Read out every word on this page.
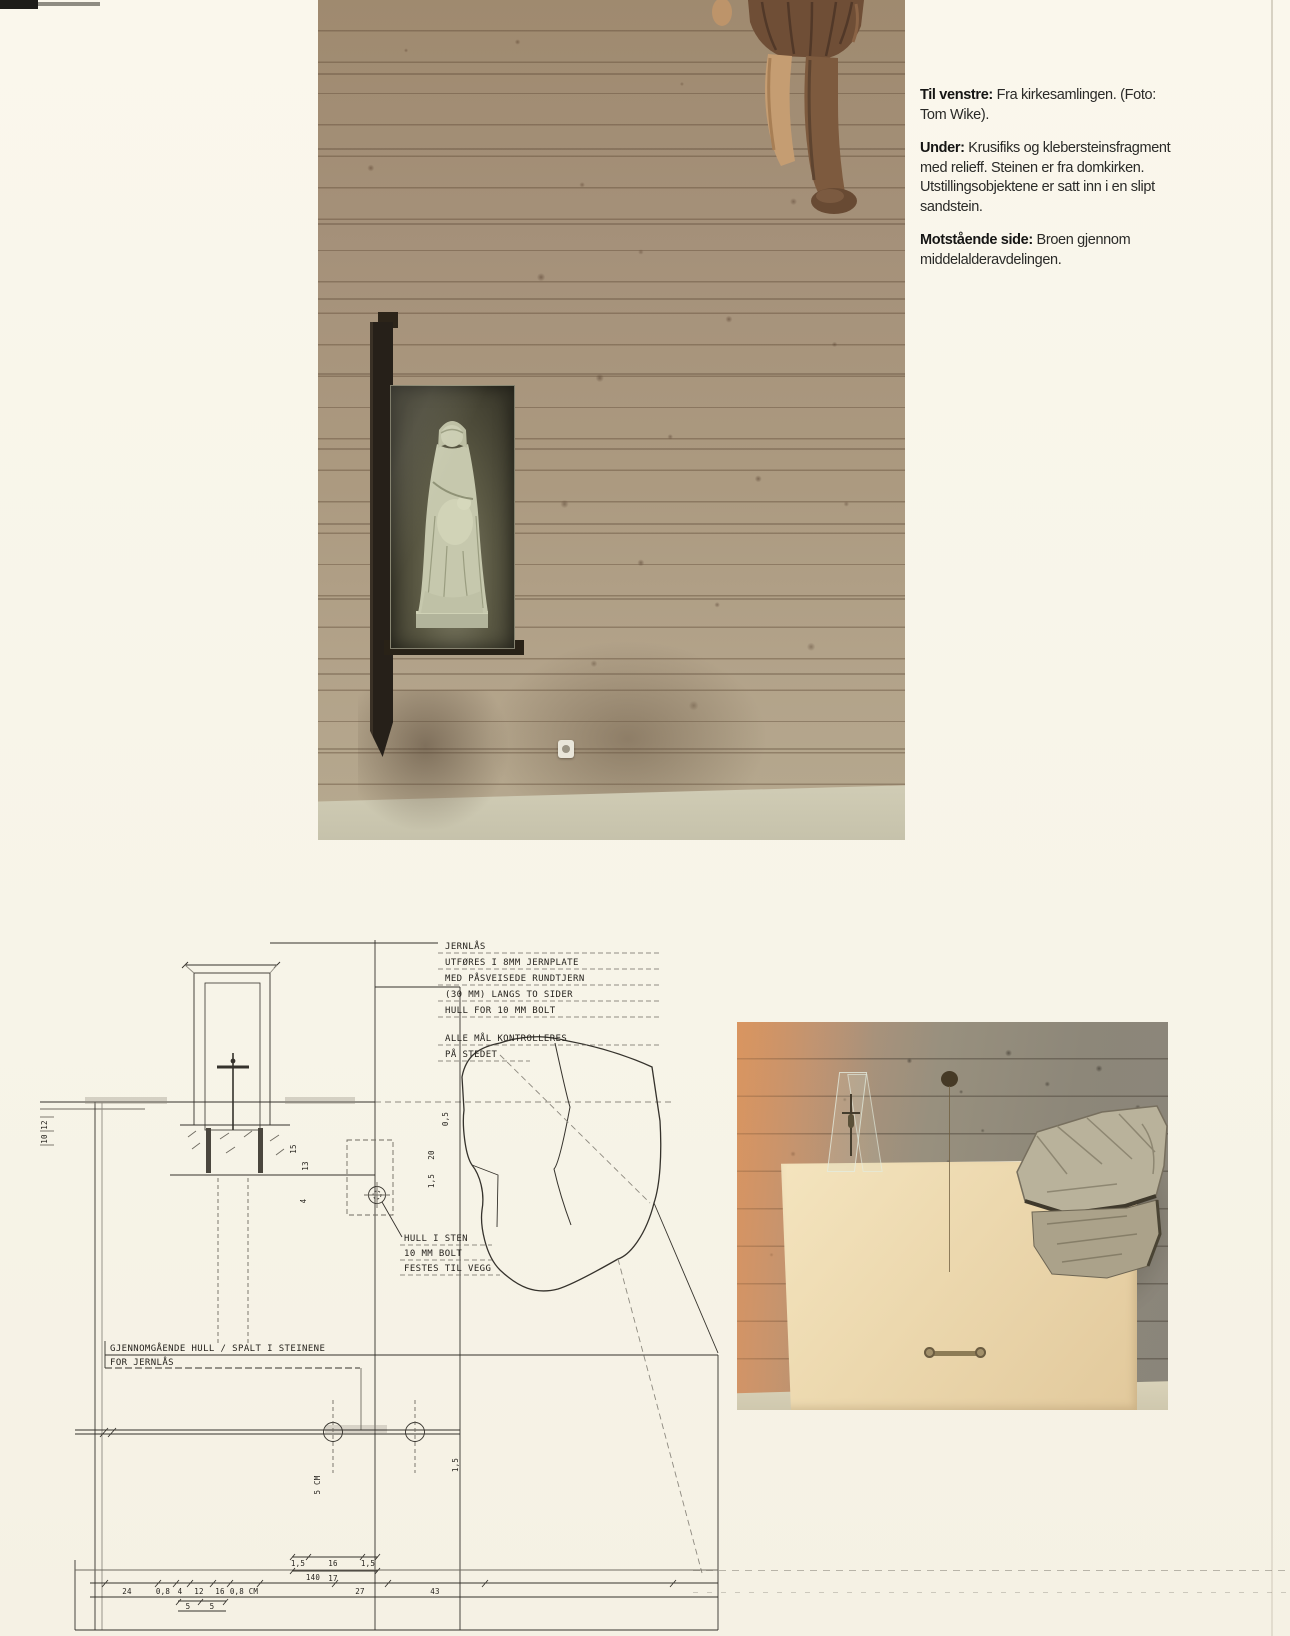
Til venstre: Fra kirkesamlingen. (Foto: Tom Wike).

Under: Krusifiks og klebersteinsfragment med relieff. Steinen er fra domkirken. Utstillingsobjektene er satt inn i en slipt sandstein.

Motstående side: Broen gjennom middelalderavdelingen.

JERNLÅS
UTFØRES I 8MM JERNPLATE
MED PÅSVEISEDE RUNDTJERN
(30 MM) LANGS TO SIDER
HULL FOR 10 MM BOLT
ALLE MÅL KONTROLLERES
PÅ STEDET
HULL I STEN
10 MM BOLT
FESTES TIL VEGG
GJENNOMGÅENDE HULL / SPALT I STEINENE
FOR JERNLÅS
12
10
15
13
4
0,5
20
1,5
5 CM
1,5
140
24	0,8 4 12 16 0,8 CM	27	43
1,5	16	1,5
17
5	5
